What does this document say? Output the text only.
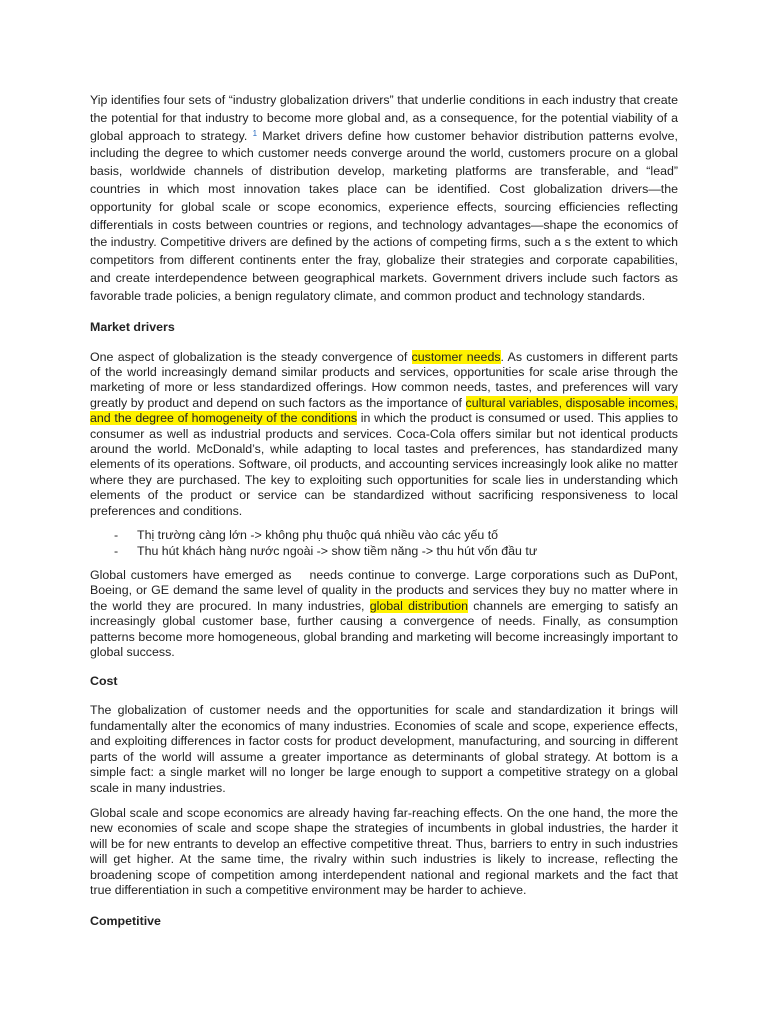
Yip identifies four sets of “industry globalization drivers” that underlie conditions in each industry that create the potential for that industry to become more global and, as a consequence, for the potential viability of a global approach to strategy. $^1$ Market drivers define how customer behavior distribution patterns evolve, including the degree to which customer needs converge around the world, customers procure on a global basis, worldwide channels of distribution develop, marketing platforms are transferable, and “lead” countries in which most innovation takes place can be identified. Cost globalization drivers—the opportunity for global scale or scope economics, experience effects, sourcing efficiencies reflecting differentials in costs between countries or regions, and technology advantages—shape the economics of the industry. Competitive drivers are defined by the actions of competing firms, such a s the extent to which competitors from different continents enter the fray, globalize their strategies and corporate capabilities, and create interdependence between geographical markets. Government drivers include such factors as favorable trade policies, a benign regulatory climate, and common product and technology standards.

Market drivers

One aspect of globalization is the steady convergence of customer needs. As customers in different parts of the world increasingly demand similar products and services, opportunities for scale arise through the marketing of more or less standardized offerings. How common needs, tastes, and preferences will vary greatly by product and depend on such factors as the importance of cultural variables, disposable incomes, and the degree of homogeneity of the conditions in which the product is consumed or used. This applies to consumer as well as industrial products and services. Coca-Cola offers similar but not identical products around the world. McDonald’s, while adapting to local tastes and preferences, has standardized many elements of its operations. Software, oil products, and accounting services increasingly look alike no matter where they are purchased. The key to exploiting such opportunities for scale lies in understanding which elements of the product or service can be standardized without sacrificing responsiveness to local preferences and conditions.

- Thị trường càng lớn -> không phụ thuộc quá nhiều vào các yếu tố
- Thu hút khách hàng nước ngoài -> show tiềm năng -> thu hút vốn đầu tư

Global customers have emerged as needs continue to converge. Large corporations such as DuPont, Boeing, or GE demand the same level of quality in the products and services they buy no matter where in the world they are procured. In many industries, global distribution channels are emerging to satisfy an increasingly global customer base, further causing a convergence of needs. Finally, as consumption patterns become more homogeneous, global branding and marketing will become increasingly important to global success.

Cost

The globalization of customer needs and the opportunities for scale and standardization it brings will fundamentally alter the economics of many industries. Economies of scale and scope, experience effects, and exploiting differences in factor costs for product development, manufacturing, and sourcing in different parts of the world will assume a greater importance as determinants of global strategy. At bottom is a simple fact: a single market will no longer be large enough to support a competitive strategy on a global scale in many industries.

Global scale and scope economics are already having far-reaching effects. On the one hand, the more the new economies of scale and scope shape the strategies of incumbents in global industries, the harder it will be for new entrants to develop an effective competitive threat. Thus, barriers to entry in such industries will get higher. At the same time, the rivalry within such industries is likely to increase, reflecting the broadening scope of competition among interdependent national and regional markets and the fact that true differentiation in such a competitive environment may be harder to achieve.

Competitive
